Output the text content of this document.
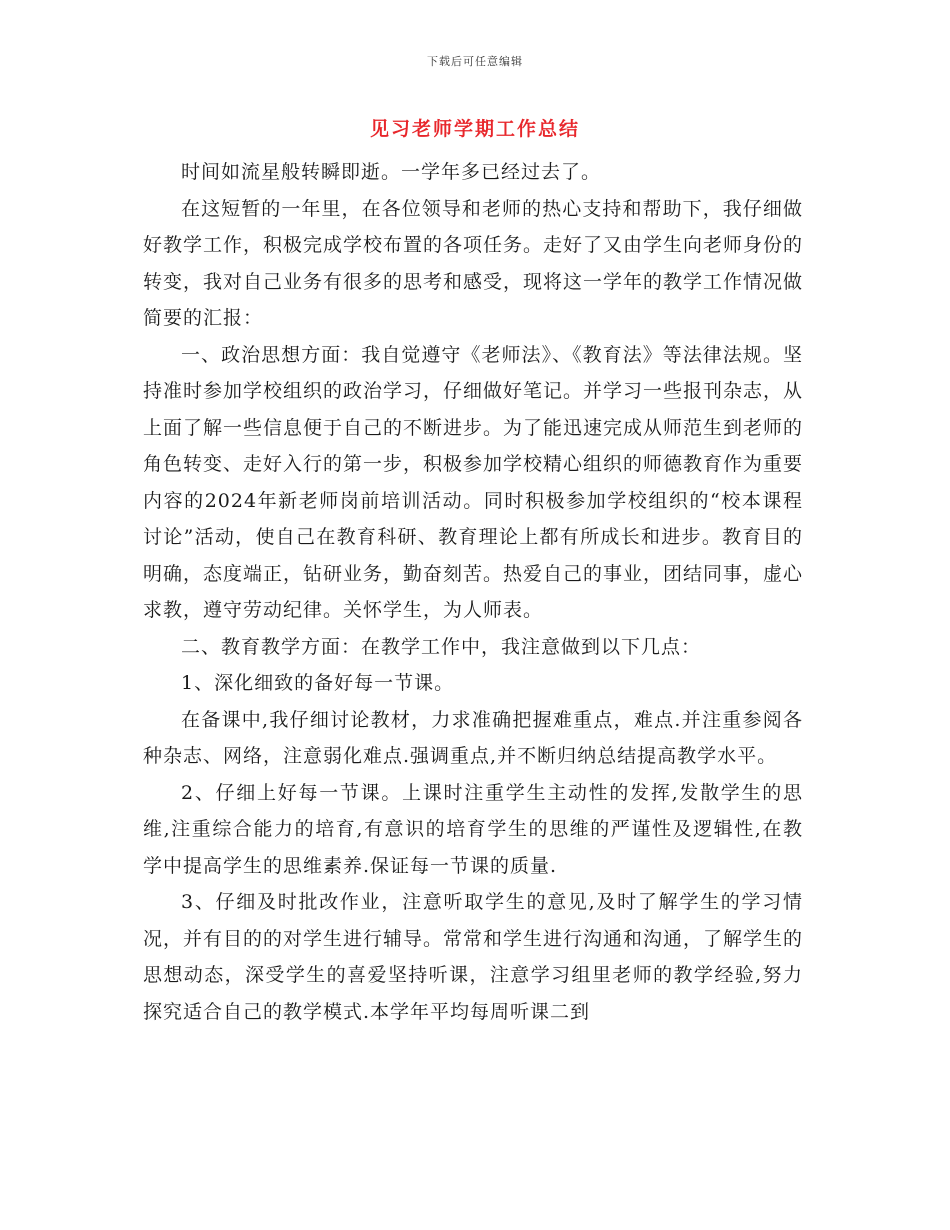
下载后可任意编辑
见习老师学期工作总结

时间如流星般转瞬即逝。一学年多已经过去了。

在这短暂的一年里，在各位领导和老师的热心支持和帮助下，我仔细做好教学工作，积极完成学校布置的各项任务。走好了又由学生向老师身份的转变，我对自己业务有很多的思考和感受，现将这一学年的教学工作情况做简要的汇报：

一、政治思想方面：我自觉遵守《老师法》、《教育法》等法律法规。坚持准时参加学校组织的政治学习，仔细做好笔记。并学习一些报刊杂志，从上面了解一些信息便于自己的不断进步。为了能迅速完成从师范生到老师的角色转变、走好入行的第一步，积极参加学校精心组织的师德教育作为重要内容的2024年新老师岗前培训活动。同时积极参加学校组织的“校本课程讨论”活动，使自己在教育科研、教育理论上都有所成长和进步。教育目的明确，态度端正，钻研业务，勤奋刻苦。热爱自己的事业，团结同事，虚心求教，遵守劳动纪律。关怀学生，为人师表。

二、教育教学方面：在教学工作中，我注意做到以下几点：

1、深化细致的备好每一节课。

在备课中,我仔细讨论教材，力求准确把握难重点，难点.并注重参阅各种杂志、网络，注意弱化难点.强调重点,并不断归纳总结提高教学水平。

2、仔细上好每一节课。上课时注重学生主动性的发挥,发散学生的思维,注重综合能力的培育,有意识的培育学生的思维的严谨性及逻辑性,在教学中提高学生的思维素养.保证每一节课的质量.

3、仔细及时批改作业，注意听取学生的意见,及时了解学生的学习情况，并有目的的对学生进行辅导。常常和学生进行沟通和沟通，了解学生的思想动态，深受学生的喜爱坚持听课，注意学习组里老师的教学经验,努力探究适合自己的教学模式.本学年平均每周听课二到
